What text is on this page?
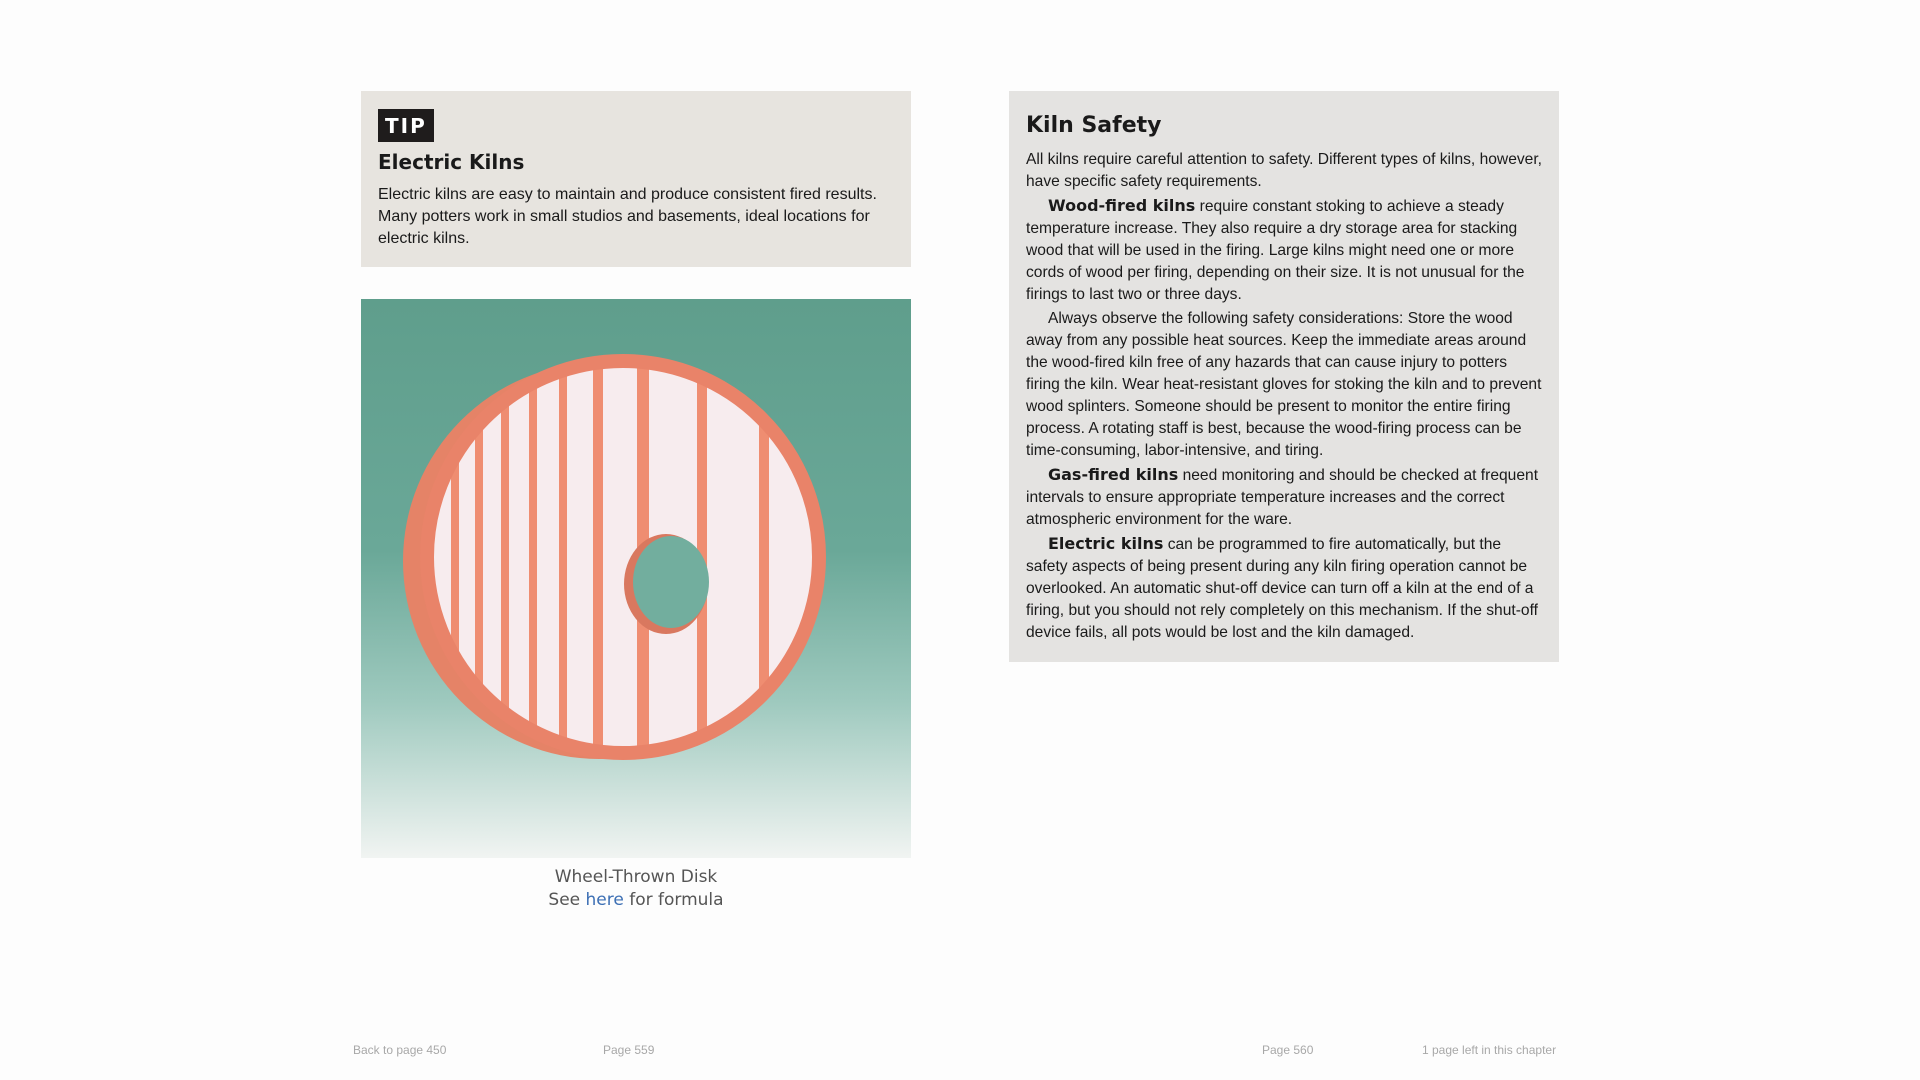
TIP
Electric Kilns

Electric kilns are easy to maintain and produce consistent fired results. Many potters work in small studios and basements, ideal locations for electric kilns.

Wheel-Thrown Disk
See here for formula
Kiln Safety

All kilns require careful attention to safety. Different types of kilns, however, have specific safety requirements.

Wood-fired kilns require constant stoking to achieve a steady temperature increase. They also require a dry storage area for stacking wood that will be used in the firing. Large kilns might need one or more cords of wood per firing, depending on their size. It is not unusual for the firings to last two or three days.

Always observe the following safety considerations: Store the wood away from any possible heat sources. Keep the immediate areas around the wood-fired kiln free of any hazards that can cause injury to potters firing the kiln. Wear heat-resistant gloves for stoking the kiln and to prevent wood splinters. Someone should be present to monitor the entire firing process. A rotating staff is best, because the wood-firing process can be time-consuming, labor-intensive, and tiring.

Gas-fired kilns need monitoring and should be checked at frequent intervals to ensure appropriate temperature increases and the correct atmospheric environment for the ware.

Electric kilns can be programmed to fire automatically, but the safety aspects of being present during any kiln firing operation cannot be overlooked. An automatic shut-off device can turn off a kiln at the end of a firing, but you should not rely completely on this mechanism. If the shut-off device fails, all pots would be lost and the kiln damaged.

Back to page 450	Page 559	Page 560	1 page left in this chapter
